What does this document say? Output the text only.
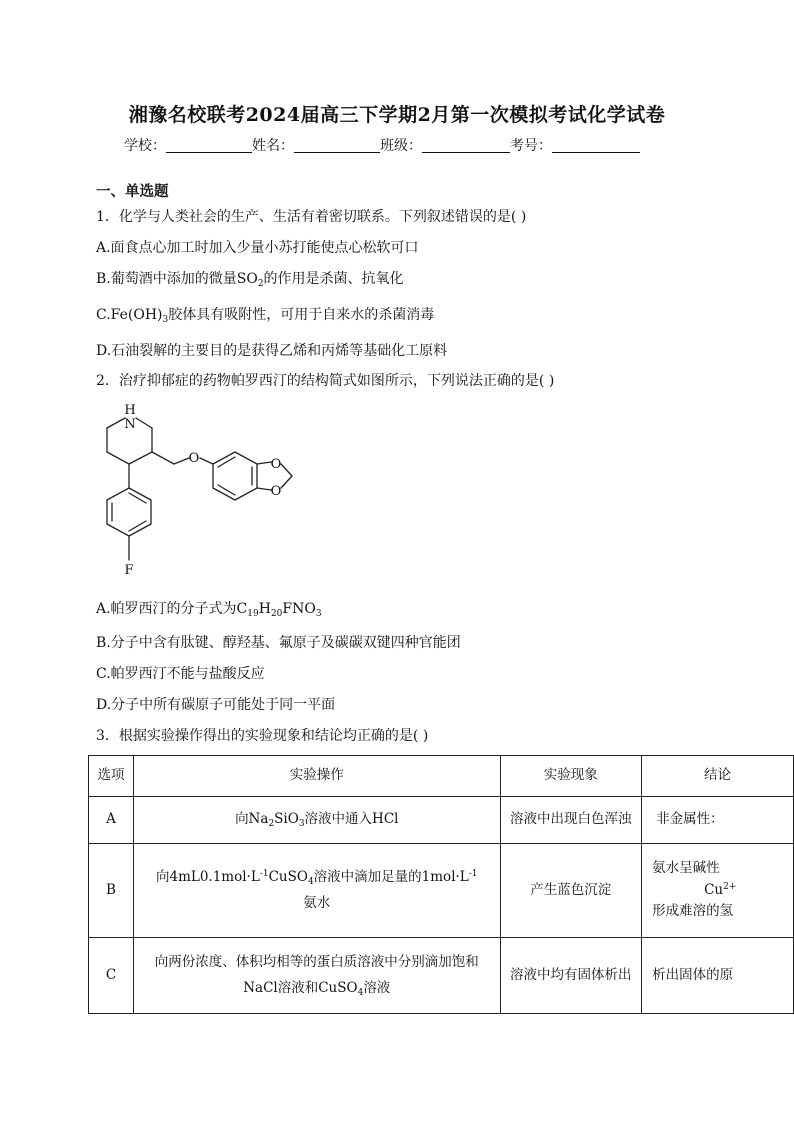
湘豫名校联考2024届高三下学期2月第一次模拟考试化学试卷
学校：	姓名：	班级：	考号：
一、单选题
1．化学与人类社会的生产、生活有着密切联系。下列叙述错误的是( )
A.面食点心加工时加入少量小苏打能使点心松软可口
B.葡萄酒中添加的微量$SO_2$的作用是杀菌、抗氧化
$C.Fe(OH)_3$胶体具有吸附性，可用于自来水的杀菌消毒
D.石油裂解的主要目的是获得乙烯和丙烯等基础化工原料
2．治疗抑郁症的药物帕罗西汀的结构简式如图所示，下列说法正确的是( )
H
N
O	O
O
F
A.帕罗西汀的分子式为$C_{19}H_{20}FNO_3$
B.分子中含有肽键、醇羟基、氟原子及碳碳双键四种官能团
C.帕罗西汀不能与盐酸反应
D.分子中所有碳原子可能处于同一平面
3．根据实验操作得出的实验现象和结论均正确的是( )
选项	实验操作	实验现象	结论
A	向$Na_2SiO_3$溶液中通入HCl	溶液中出现白色浑浊	非金属性：
B	向$4mL0.1mol\cdot L^{-1}CuSO_4$溶液中滴加足量的$1mol\cdot L^{-1}$
氨水	产生蓝色沉淀	氨水呈碱性
$Cu^{2+}$
形成难溶的氢
C	向两份浓度、体积均相等的蛋白质溶液中分别滴加饱和
NaCl溶液和CuSO$_4$溶液	溶液中均有固体析出	析出固体的原
